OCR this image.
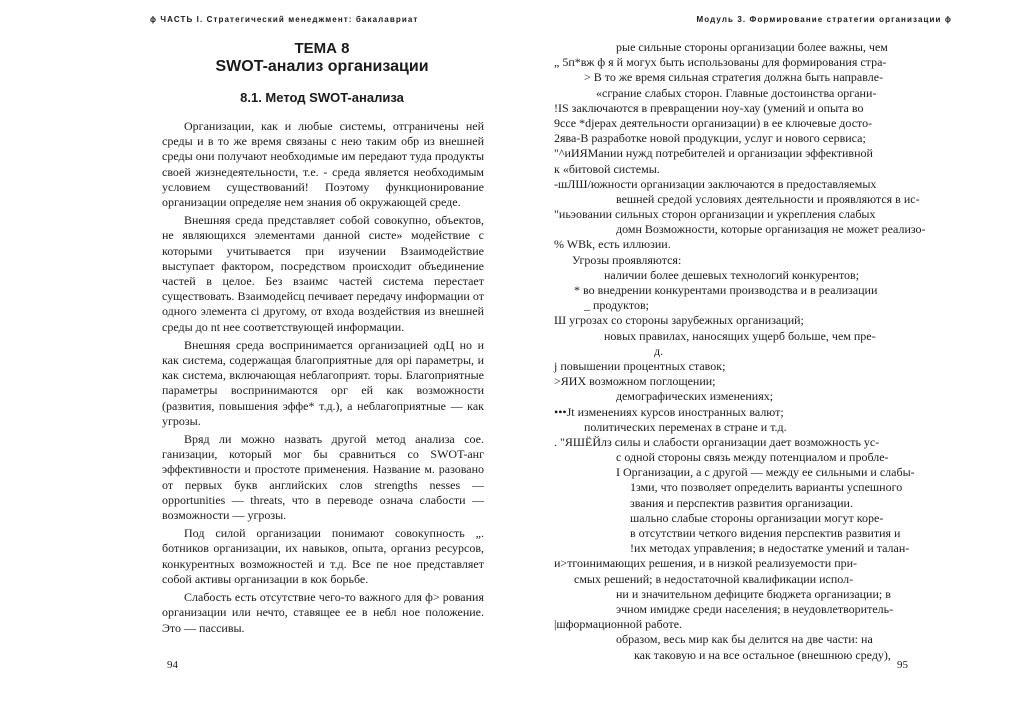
ϕ ЧАСТЬ I. Стратегический менеджмент: бакалавриат
ТЕМА 8
SWOT-анализ организации
8.1. Метод SWOT-анализа

Организации, как и любые системы, отграничены ней среды и в то же время связаны с нею таким обр из внешней среды они получают необходимые им передают туда продукты своей жизнедеятельности, т.е. - среда является необходимым условием существований! Поэтому функционирование организации определяе нем знания об окружающей среде.

Внешняя среда представляет собой совокупно, объектов, не являющихся элементами данной систе» модействие с которыми учитывается при изучении Взаимодействие выступает фактором, посредством происходит объединение частей в целое. Без взаимс частей система перестает существовать. Взаимодейсц печивает передачу информации от одного элемента сі другому, от входа воздействия из внешней среды до nt нее соответствующей информации.

Внешняя среда воспринимается организацией одЦ но и как система, содержащая благоприятные для орі параметры, и как система, включающая неблагоприят. торы. Благоприятные параметры воспринимаются орг ей как возможности (развития, повышения эффе* т.д.), а неблагоприятные — как угрозы.

Вряд ли можно назвать другой метод анализа сое. ганизации, который мог бы сравниться со SWOT-анг эффективности и простоте применения. Название м. разовано от первых букв английских слов strengths nesses — opportunities — threats, что в переводе означа слабости — возможности — угрозы.

Под силой организации понимают совокупность „. ботников организации, их навыков, опыта, организ ресурсов, конкурентных возможностей и т.д. Все пе ное представляет собой активы организации в кок борьбе.

Слабость есть отсутствие чего-то важного для ф> рования организации или нечто, ставящее ее в небл ное положение. Это — пассивы.

94
Модуль 3. Формирование стратегии организации ϕ
рые сильные стороны организации более важны, чем
„ 5п*вж ф я й могух быть использованы для формирования стра-
> В то же время сильная стратегия должна быть направле-
«сграние слабых сторон. Главные достоинства органи-
!IS заключаются в превращении ноу-хау (умений и опыта во
9ссе *djepax деятельности организации) в ее ключевые досто-
2ява-В разработке новой продукции, услуг и нового сервиса;
"^иИЯМании нужд потребителей и организации эффективной
к «битовой системы.
-шЛШ/южности организации заключаются в предоставляемых
вешней средой условиях деятельности и проявляются в ис-
"иьэовании сильных сторон организации и укрепления слабых
домн Возможности, которые организация не может реализо-
% WBk, есть иллюзии.
Угрозы проявляются:
наличии более дешевых технологий конкурентов;
* во внедрении конкурентами производства и в реализации
_ продуктов;
Ш угрозах со стороны зарубежных организаций;
новых правилах, наносящих ущерб больше, чем пре-
д.
j повышении процентных ставок;
>ЯИХ возможном поглощении;
демографических изменениях;
•••Jt изменениях курсов иностранных валют;
политических переменах в стране и т.д.
. "ЯШЁЙлз силы и слабости организации дает возможность ус-
с одной стороны связь между потенциалом и пробле-
I Организации, а с другой — между ее сильными и слабы-
1зми, что позволяет определить варианты успешного
звания и перспектив развития организации.
шально слабые стороны организации могут коре-
в отсутствии четкого видения перспектив развития и
!их методах управления; в недостатке умений и талан-
и>тгоинимающих решения, и в низкой реализуемости при-
смых решений; в недостаточной квалификации испол-
ни и значительном дефиците бюджета организации; в
эчном имидже среди населения; в неудовлетворитель-
|шформационной работе.
образом, весь мир как бы делится на две части: на
как таковую и на все остальное (внешнюю среду),
95
